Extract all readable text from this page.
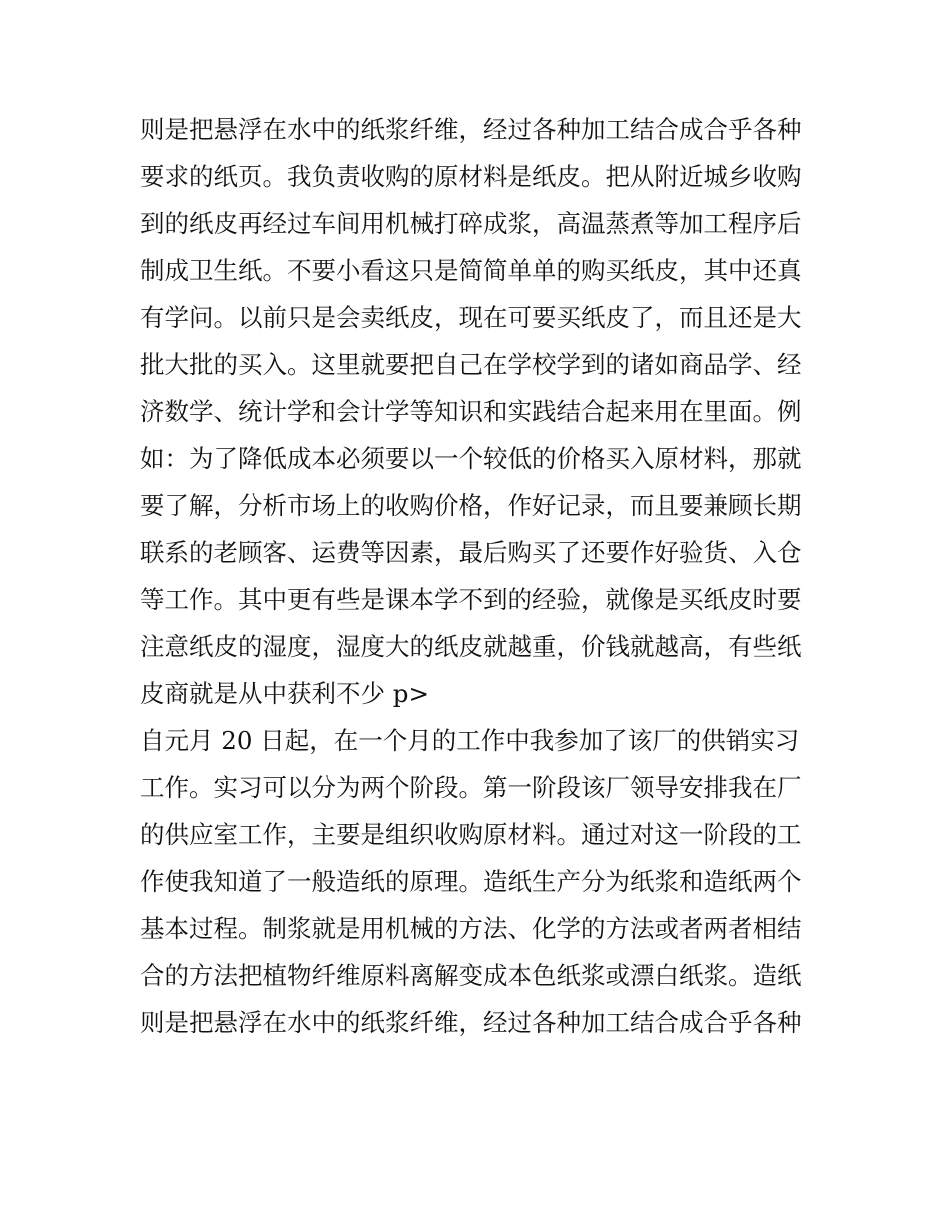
则是把悬浮在水中的纸浆纤维，经过各种加工结合成合乎各种
要求的纸页。我负责收购的原材料是纸皮。把从附近城乡收购
到的纸皮再经过车间用机械打碎成浆，高温蒸煮等加工程序后
制成卫生纸。不要小看这只是简简单单的购买纸皮，其中还真
有学问。以前只是会卖纸皮，现在可要买纸皮了，而且还是大
批大批的买入。这里就要把自己在学校学到的诸如商品学、经
济数学、统计学和会计学等知识和实践结合起来用在里面。例
如：为了降低成本必须要以一个较低的价格买入原材料，那就
要了解，分析市场上的收购价格，作好记录，而且要兼顾长期
联系的老顾客、运费等因素，最后购买了还要作好验货、入仓
等工作。其中更有些是课本学不到的经验，就像是买纸皮时要
注意纸皮的湿度，湿度大的纸皮就越重，价钱就越高，有些纸
皮商就是从中获利不少 p>
自元月 20 日起，在一个月的工作中我参加了该厂的供销实习
工作。实习可以分为两个阶段。第一阶段该厂领导安排我在厂
的供应室工作，主要是组织收购原材料。通过对这一阶段的工
作使我知道了一般造纸的原理。造纸生产分为纸浆和造纸两个
基本过程。制浆就是用机械的方法、化学的方法或者两者相结
合的方法把植物纤维原料离解变成本色纸浆或漂白纸浆。造纸
则是把悬浮在水中的纸浆纤维，经过各种加工结合成合乎各种
